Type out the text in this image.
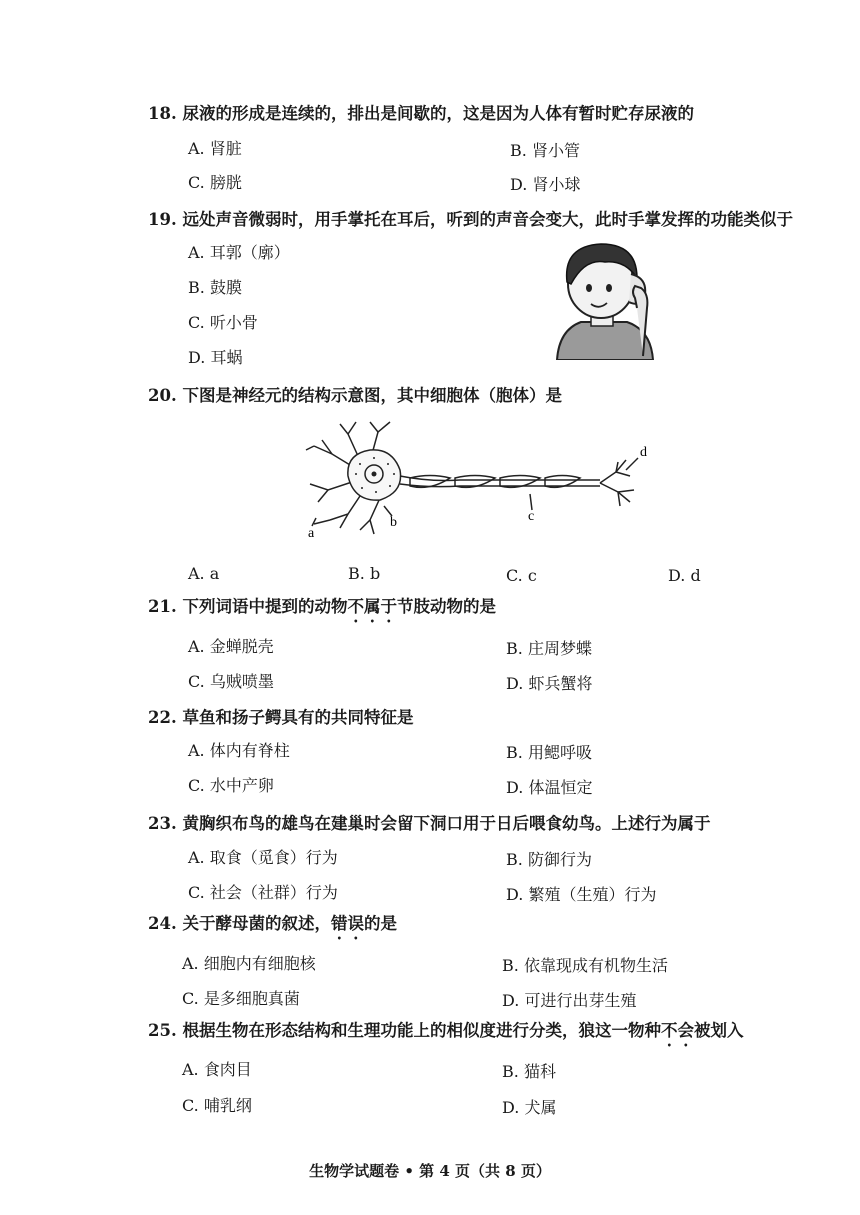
18. 尿液的形成是连续的，排出是间歇的，这是因为人体有暂时贮存尿液的
A. 肾脏	B. 肾小管
C. 膀胱	D. 肾小球
19. 远处声音微弱时，用手掌托在耳后，听到的声音会变大，此时手掌发挥的功能类似于
A. 耳郭（廓）
B. 鼓膜
C. 听小骨
D. 耳蜗
20. 下图是神经元的结构示意图，其中细胞体（胞体）是
a
b	c
d
A. a	B. b	C. c	D. d
21. 下列词语中提到的动物不属于节肢动物的是
A. 金蝉脱壳	B. 庄周梦蝶
C. 乌贼喷墨	D. 虾兵蟹将
22. 草鱼和扬子鳄具有的共同特征是
A. 体内有脊柱	B. 用鳃呼吸
C. 水中产卵	D. 体温恒定
23. 黄胸织布鸟的雄鸟在建巢时会留下洞口用于日后喂食幼鸟。上述行为属于
A. 取食（觅食）行为	B. 防御行为
C. 社会（社群）行为	D. 繁殖（生殖）行为
24. 关于酵母菌的叙述，错误的是
A. 细胞内有细胞核	B. 依靠现成有机物生活
C. 是多细胞真菌	D. 可进行出芽生殖
25. 根据生物在形态结构和生理功能上的相似度进行分类，狼这一物种不会被划入
A. 食肉目	B. 猫科
C. 哺乳纲	D. 犬属
生物学试题卷 • 第 4 页（共 8 页）
